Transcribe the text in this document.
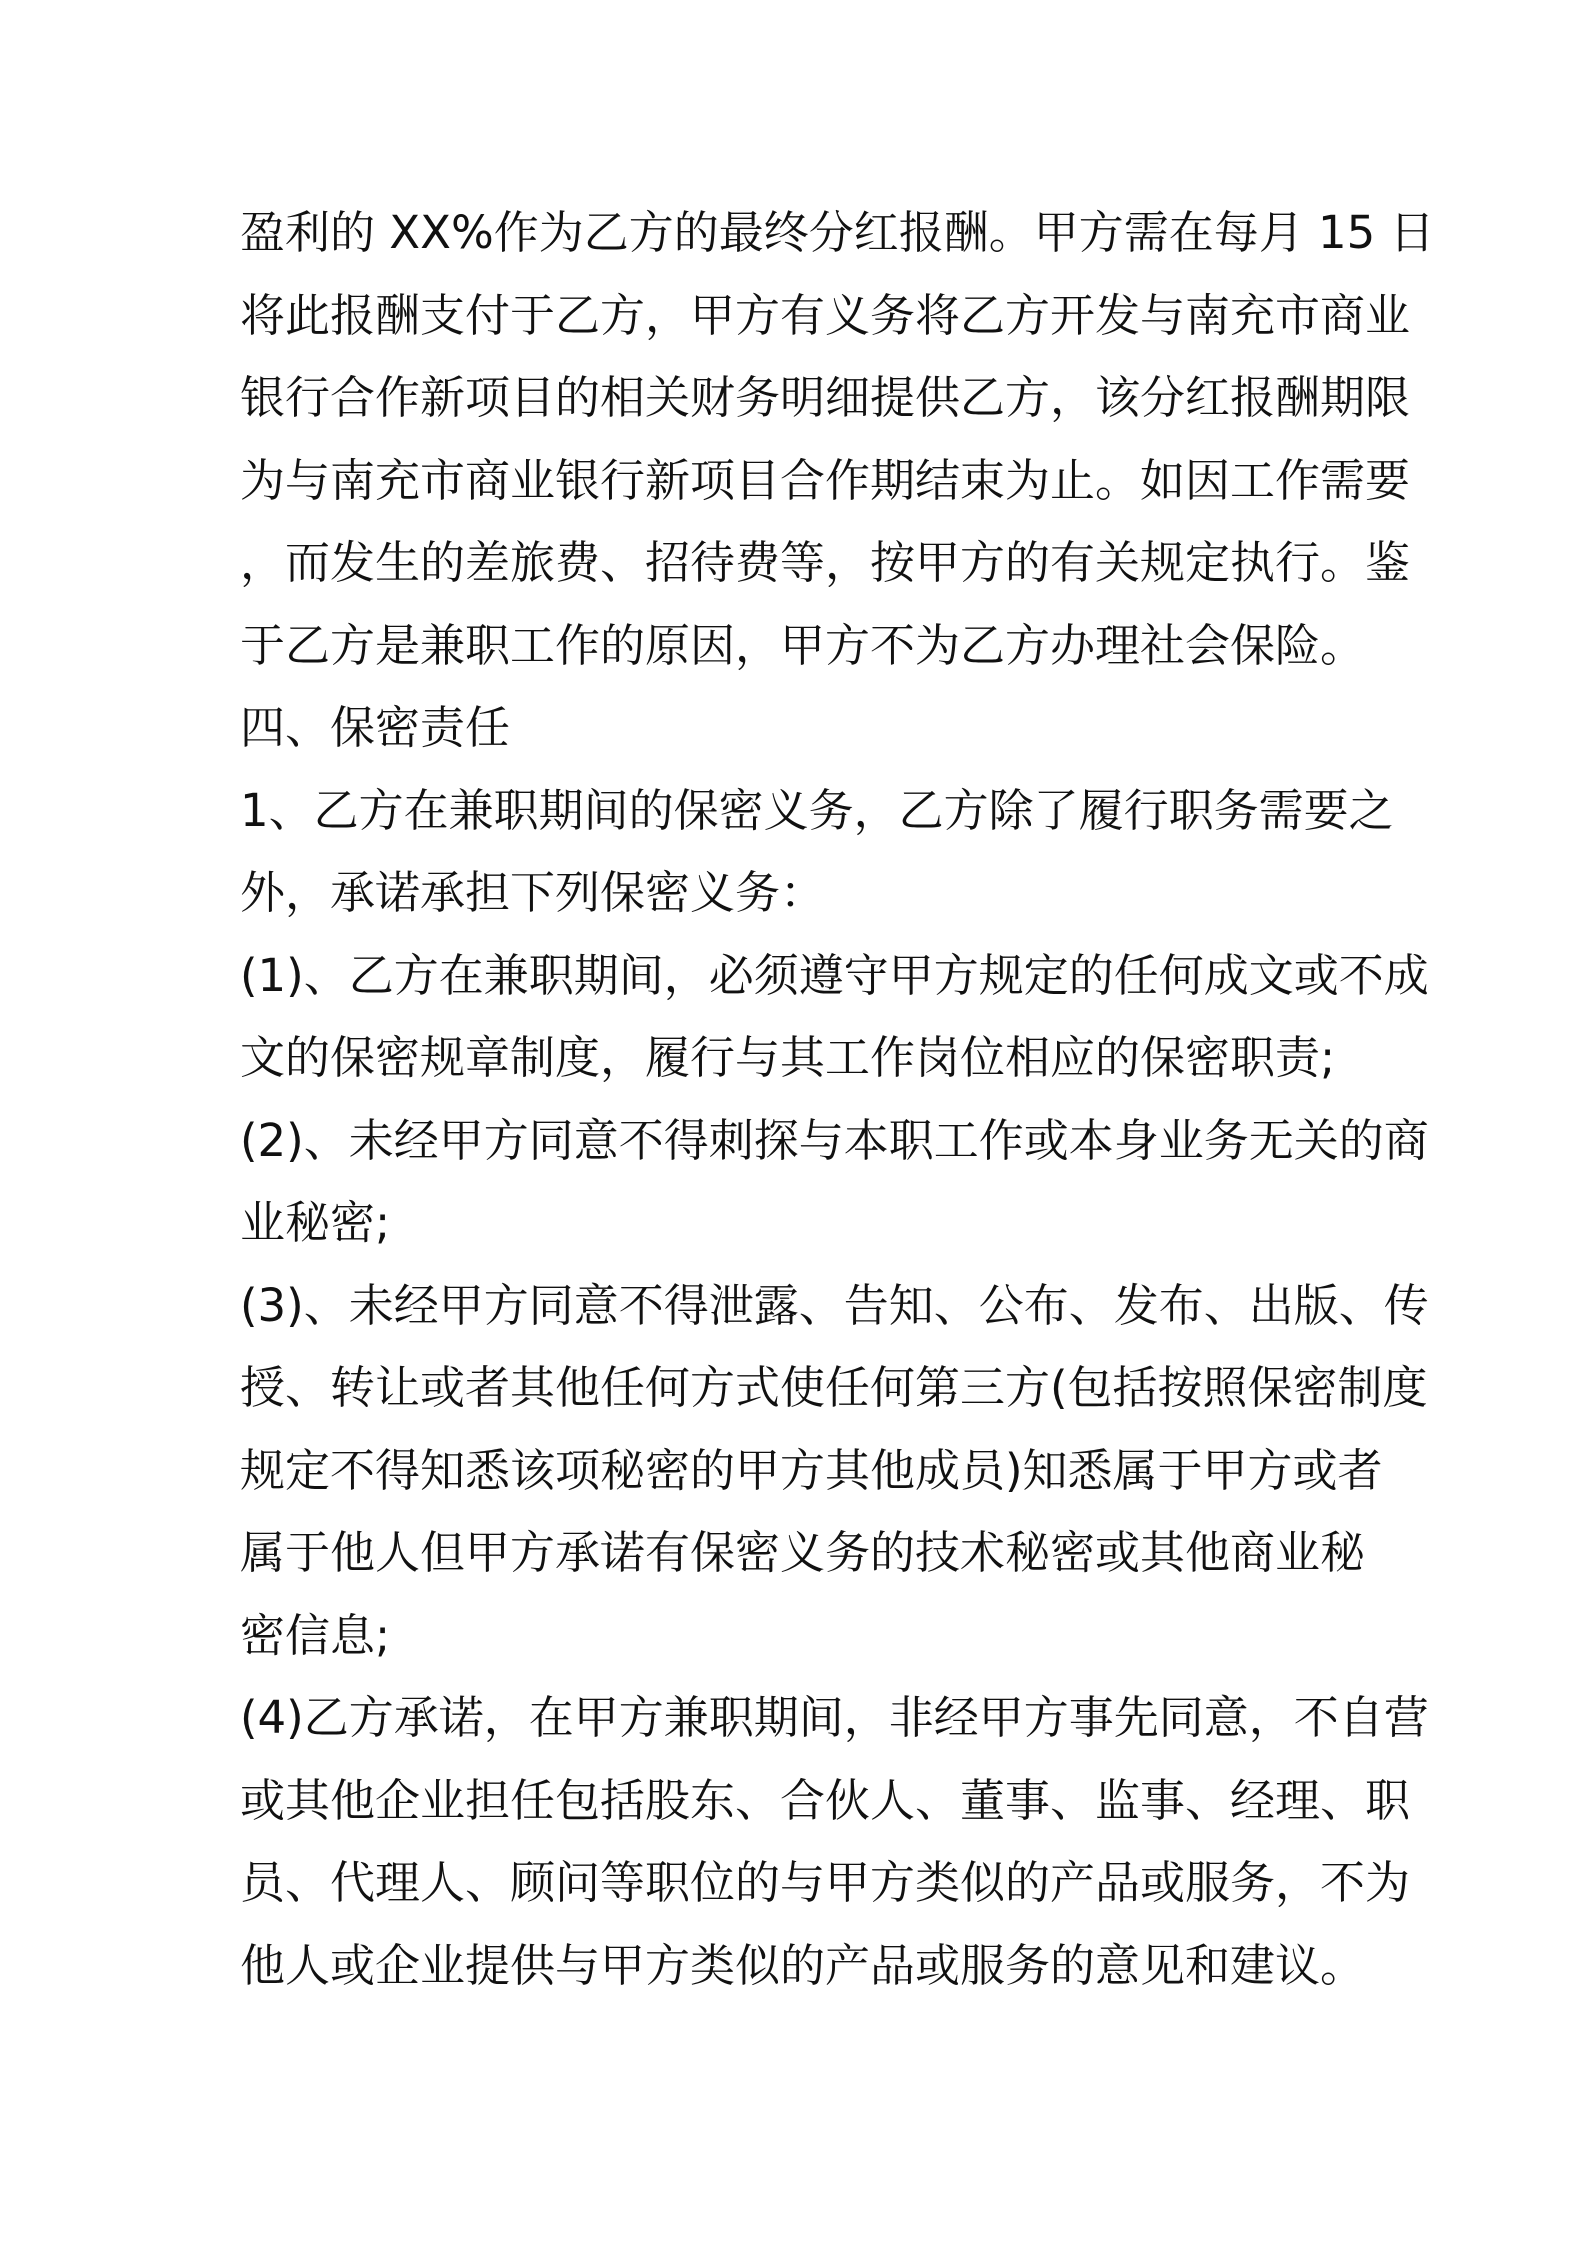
盈利的 XX%作为乙方的最终分红报酬。甲方需在每月 15 日
将此报酬支付于乙方，甲方有义务将乙方开发与南充市商业
银行合作新项目的相关财务明细提供乙方，该分红报酬期限
为与南充市商业银行新项目合作期结束为止。如因工作需要
，而发生的差旅费、招待费等，按甲方的有关规定执行。鉴
于乙方是兼职工作的原因，甲方不为乙方办理社会保险。
四、保密责任
1、乙方在兼职期间的保密义务，乙方除了履行职务需要之
外，承诺承担下列保密义务：
(1)、乙方在兼职期间，必须遵守甲方规定的任何成文或不成
文的保密规章制度，履行与其工作岗位相应的保密职责;
(2)、未经甲方同意不得刺探与本职工作或本身业务无关的商
业秘密;
(3)、未经甲方同意不得泄露、告知、公布、发布、出版、传
授、转让或者其他任何方式使任何第三方(包括按照保密制度
规定不得知悉该项秘密的甲方其他成员)知悉属于甲方或者
属于他人但甲方承诺有保密义务的技术秘密或其他商业秘
密信息;
(4)乙方承诺，在甲方兼职期间，非经甲方事先同意，不自营
或其他企业担任包括股东、合伙人、董事、监事、经理、职
员、代理人、顾问等职位的与甲方类似的产品或服务，不为
他人或企业提供与甲方类似的产品或服务的意见和建议。
